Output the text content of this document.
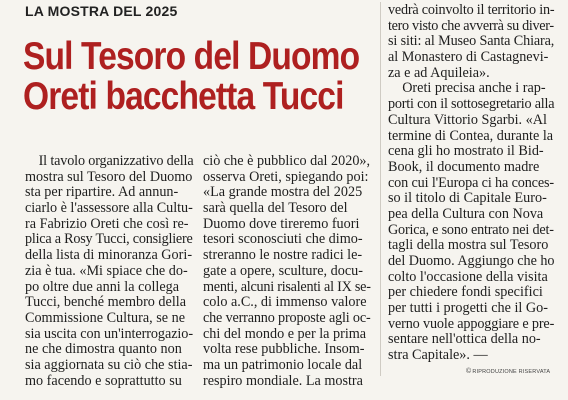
LA MOSTRA DEL 2025
Sul Tesoro del Duomo
Oreti bacchetta Tucci
Il tavolo organizzativo della
mostra sul Tesoro del Duomo
sta per ripartire. Ad annun-
ciarlo è l'assessore alla Cultu-
ra Fabrizio Oreti che così re-
plica a Rosy Tucci, consigliere
della lista di minoranza Gori-
zia è tua. «Mi spiace che do-
po oltre due anni la collega
Tucci, benché membro della
Commissione Cultura, se ne
sia uscita con un'interrogazio-
ne che dimostra quanto non
sia aggiornata su ciò che stia-
mo facendo e soprattutto su
ciò che è pubblico dal 2020»,
osserva Oreti, spiegando poi:
«La grande mostra del 2025
sarà quella del Tesoro del
Duomo dove tireremo fuori
tesori sconosciuti che dimo-
streranno le nostre radici le-
gate a opere, sculture, docu-
menti, alcuni risalenti al IX se-
colo a.C., di immenso valore
che verranno proposte agli oc-
chi del mondo e per la prima
volta rese pubbliche. Insom-
ma un patrimonio locale dal
respiro mondiale. La mostra
vedrà coinvolto il territorio in-
tero visto che avverrà su diver-
si siti: al Museo Santa Chiara,
al Monastero di Castagnevi-
za e ad Aquileia».
Oreti precisa anche i rap-
porti con il sottosegretario alla
Cultura Vittorio Sgarbi. «Al
termine di Contea, durante la
cena gli ho mostrato il Bid-
Book, il documento madre
con cui l'Europa ci ha conces-
so il titolo di Capitale Euro-
pea della Cultura con Nova
Gorica, e sono entrato nei det-
tagli della mostra sul Tesoro
del Duomo. Aggiungo che ho
colto l'occasione della visita
per chiedere fondi specifici
per tutti i progetti che il Go-
verno vuole appoggiare e pre-
sentare nell'ottica della no-
stra Capitale». —
©RIPRODUZIONE RISERVATA
